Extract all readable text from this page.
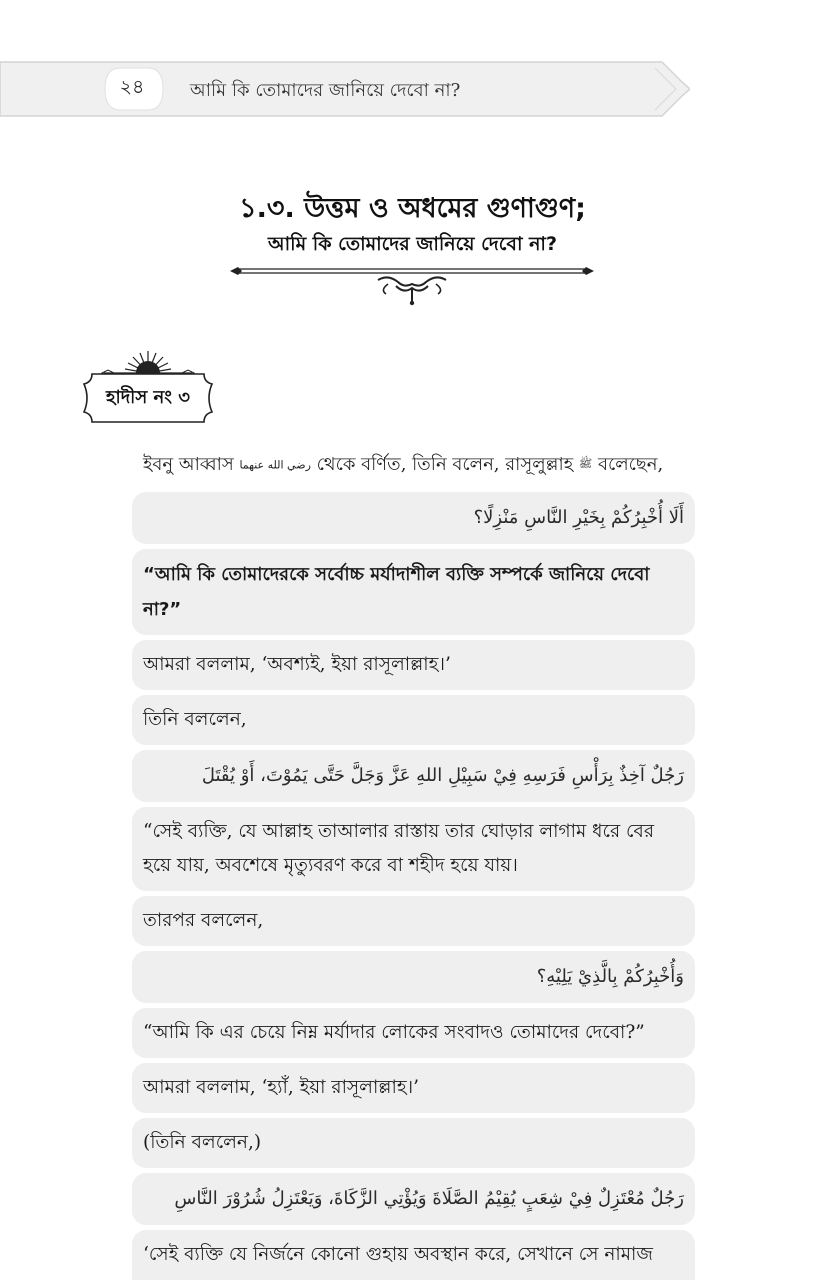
২৪	আমি কি তোমাদের জানিয়ে দেবো না?
১.৩. উত্তম ও অধমের গুণাগুণ;
আমি কি তোমাদের জানিয়ে দেবো না?
হাদীস নং ৩
ইবনু আব্বাস رضي الله عنهما থেকে বর্ণিত, তিনি বলেন, রাসূলুল্লাহ ﷺ বলেছেন,
أَلَا أُخْبِرُكُمْ بِخَيْرِ النَّاسِ مَنْزِلًا؟
“আমি কি তোমাদেরকে সর্বোচ্চ মর্যাদাশীল ব্যক্তি সম্পর্কে জানিয়ে দেবো না?”
আমরা বললাম, ‘অবশ্যই, ইয়া রাসূলাল্লাহ।’
তিনি বললেন,
رَجُلٌ آخِذٌ بِرَأْسِ فَرَسِهِ فِيْ سَبِيْلِ اللهِ عَزَّ وَجَلَّ حَتَّى يَمُوْتَ، أَوْ يُقْتَلَ
“সেই ব্যক্তি, যে আল্লাহ তাআলার রাস্তায় তার ঘোড়ার লাগাম ধরে বের হয়ে যায়, অবশেষে মৃত্যুবরণ করে বা শহীদ হয়ে যায়।
তারপর বললেন,
وَأُخْبِرُكُمْ بِالَّذِيْ يَلِيْهِ؟
“আমি কি এর চেয়ে নিম্ন মর্যাদার লোকের সংবাদও তোমাদের দেবো?”
আমরা বললাম, ‘হ্যাঁ, ইয়া রাসূলাল্লাহ।’
(তিনি বললেন,)
رَجُلٌ مُعْتَزِلٌ فِيْ شِعَبٍ يُقِيْمُ الصَّلَاةَ وَيُؤْتِي الزَّكَاةَ، وَيَعْتَزِلُ شُرُوْرَ النَّاسِ
‘সেই ব্যক্তি যে নির্জনে কোনো গুহায় অবস্থান করে, সেখানে সে নামাজ
